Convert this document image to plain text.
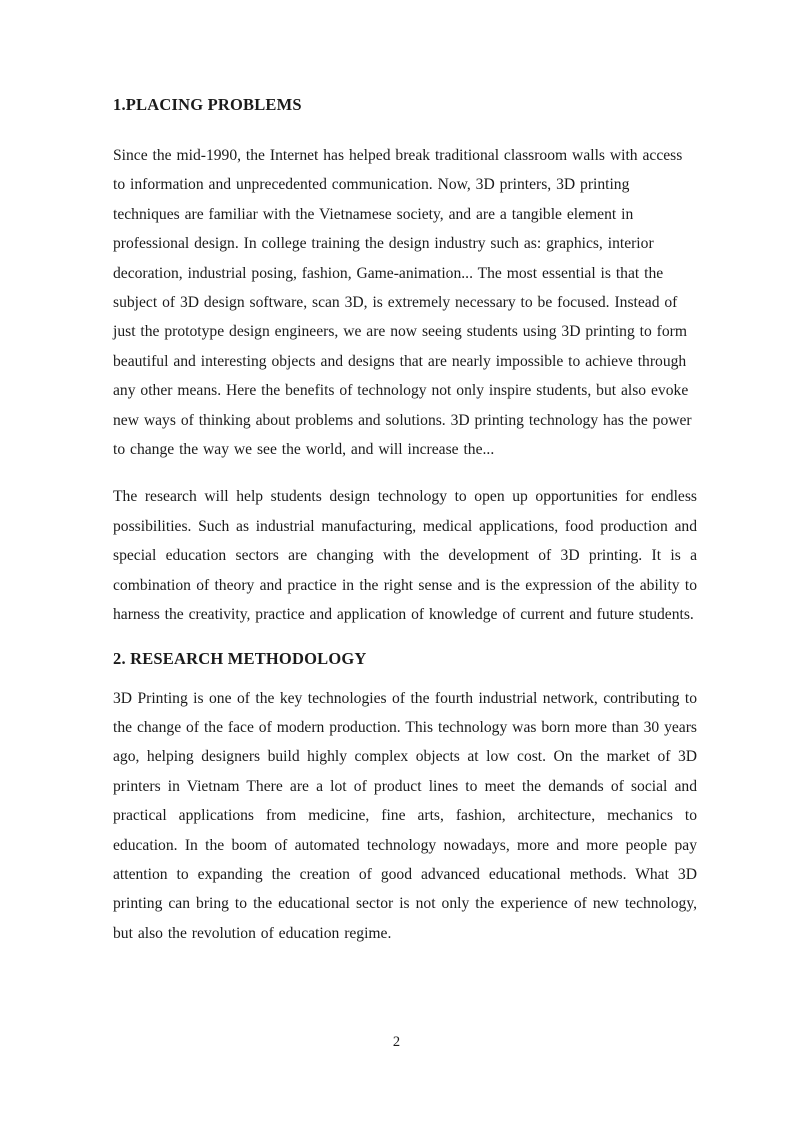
1.PLACING PROBLEMS

Since the mid-1990, the Internet has helped break traditional classroom walls with access to information and unprecedented communication. Now, 3D printers, 3D printing techniques are familiar with the Vietnamese society, and are a tangible element in professional design. In college training the design industry such as: graphics, interior decoration, industrial posing, fashion, Game-animation... The most essential is that the subject of 3D design software, scan 3D, is extremely necessary to be focused. Instead of just the prototype design engineers, we are now seeing students using 3D printing to form beautiful and interesting objects and designs that are nearly impossible to achieve through any other means. Here the benefits of technology not only inspire students, but also evoke new ways of thinking about problems and solutions. 3D printing technology has the power to change the way we see the world, and will increase the...

The research will help students design technology to open up opportunities for endless possibilities. Such as industrial manufacturing, medical applications, food production and special education sectors are changing with the development of 3D printing. It is a combination of theory and practice in the right sense and is the expression of the ability to harness the creativity, practice and application of knowledge of current and future students.

2. RESEARCH METHODOLOGY

3D Printing is one of the key technologies of the fourth industrial network, contributing to the change of the face of modern production. This technology was born more than 30 years ago, helping designers build highly complex objects at low cost. On the market of 3D printers in Vietnam There are a lot of product lines to meet the demands of social and practical applications from medicine, fine arts, fashion, architecture, mechanics to education. In the boom of automated technology nowadays, more and more people pay attention to expanding the creation of good advanced educational methods. What 3D printing can bring to the educational sector is not only the experience of new technology, but also the revolution of education regime.

2
